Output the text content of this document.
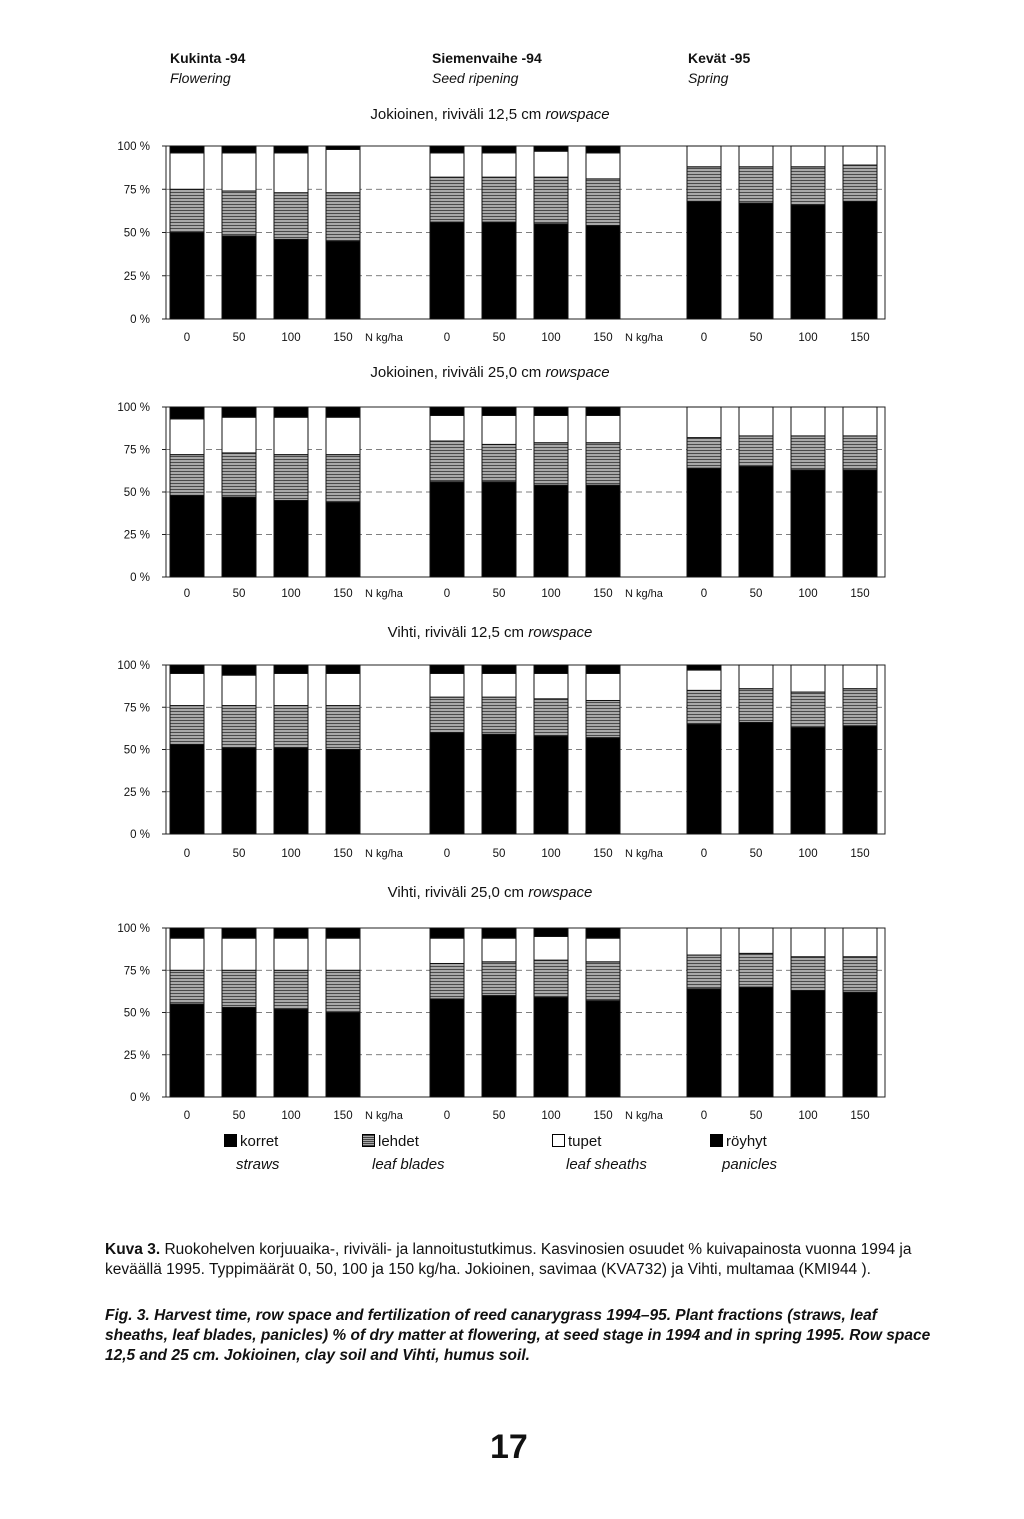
Kukinta -94
Flowering
Siemenvaihe -94
Seed ripening
Kevät -95
Spring
Jokioinen, riviväli 12,5 cm rowspace
100 %
75 %
50 %
25 %
0 %
0	50	100	150 N kg/ha	0	50	100	150 N kg/ha	0	50	100	150
Jokioinen, riviväli 25,0 cm rowspace
100 %
75 %
50 %
25 %
0 %
0	50	100	150 N kg/ha	0	50	100	150 N kg/ha	0	50	100	150
Vihti, riviväli 12,5 cm rowspace
100 %
75 %
50 %
25 %
0 %
0	50	100	150 N kg/ha	0	50	100	150 N kg/ha	0	50	100	150
Vihti, riviväli 25,0 cm rowspace
100 %
75 %
50 %
25 %
0 %
0	50	100	150 N kg/ha	0	50	100	150 N kg/ha	0	50	100	150
korret
straws
lehdet
leaf blades
tupet
leaf sheaths
röyhyt
panicles
Kuva 3. Ruokohelven korjuuaika-, riviväli- ja lannoitustutkimus. Kasvinosien osuudet % kuivapainosta vuonna 1994 ja keväällä 1995. Typpimäärät 0, 50, 100 ja 150 kg/ha. Jokioinen, savimaa (KVA732) ja Vihti, multamaa (KMI944 ).
Fig. 3. Harvest time, row space and fertilization of reed canarygrass 1994–95. Plant fractions (straws, leaf sheaths, leaf blades, panicles) % of dry matter at flowering, at seed stage in 1994 and in spring 1995. Row space 12,5 and 25 cm. Jokioinen, clay soil and Vihti, humus soil.
17
